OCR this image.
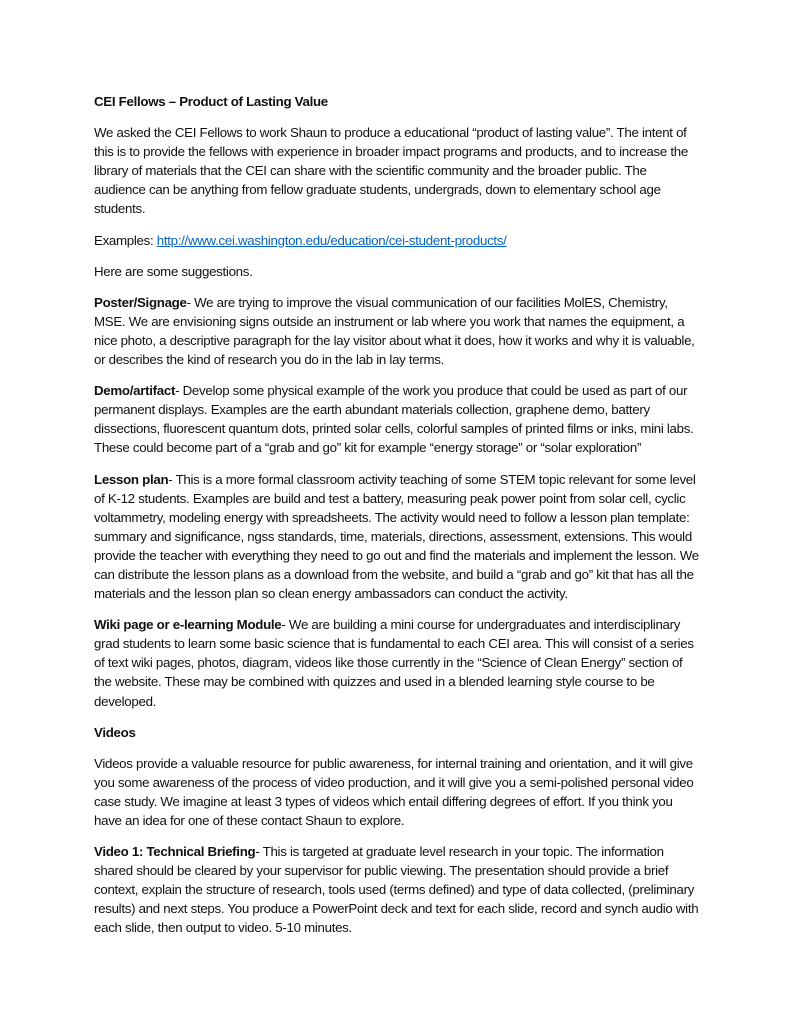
CEI Fellows – Product of Lasting Value

We asked the CEI Fellows to work Shaun to produce a educational “product of lasting value”. The intent of this is to provide the fellows with experience in broader impact programs and products, and to increase the library of materials that the CEI can share with the scientific community and the broader public. The audience can be anything from fellow graduate students, undergrads, down to elementary school age students.

Examples: http://www.cei.washington.edu/education/cei-student-products/

Here are some suggestions.

Poster/Signage- We are trying to improve the visual communication of our facilities MolES, Chemistry, MSE. We are envisioning signs outside an instrument or lab where you work that names the equipment, a nice photo, a descriptive paragraph for the lay visitor about what it does, how it works and why it is valuable, or describes the kind of research you do in the lab in lay terms.

Demo/artifact- Develop some physical example of the work you produce that could be used as part of our permanent displays. Examples are the earth abundant materials collection, graphene demo, battery dissections, fluorescent quantum dots, printed solar cells, colorful samples of printed films or inks, mini labs. These could become part of a “grab and go” kit for example “energy storage” or “solar exploration”

Lesson plan- This is a more formal classroom activity teaching of some STEM topic relevant for some level of K-12 students. Examples are build and test a battery, measuring peak power point from solar cell, cyclic voltammetry, modeling energy with spreadsheets. The activity would need to follow a lesson plan template: summary and significance, ngss standards, time, materials, directions, assessment, extensions. This would provide the teacher with everything they need to go out and find the materials and implement the lesson. We can distribute the lesson plans as a download from the website, and build a “grab and go” kit that has all the materials and the lesson plan so clean energy ambassadors can conduct the activity.

Wiki page or e-learning Module- We are building a mini course for undergraduates and interdisciplinary grad students to learn some basic science that is fundamental to each CEI area. This will consist of a series of text wiki pages, photos, diagram, videos like those currently in the “Science of Clean Energy” section of the website. These may be combined with quizzes and used in a blended learning style course to be developed.

Videos

Videos provide a valuable resource for public awareness, for internal training and orientation, and it will give you some awareness of the process of video production, and it will give you a semi-polished personal video case study. We imagine at least 3 types of videos which entail differing degrees of effort. If you think you have an idea for one of these contact Shaun to explore.

Video 1: Technical Briefing- This is targeted at graduate level research in your topic. The information shared should be cleared by your supervisor for public viewing. The presentation should provide a brief context, explain the structure of research, tools used (terms defined) and type of data collected, (preliminary results) and next steps. You produce a PowerPoint deck and text for each slide, record and synch audio with each slide, then output to video. 5-10 minutes.
